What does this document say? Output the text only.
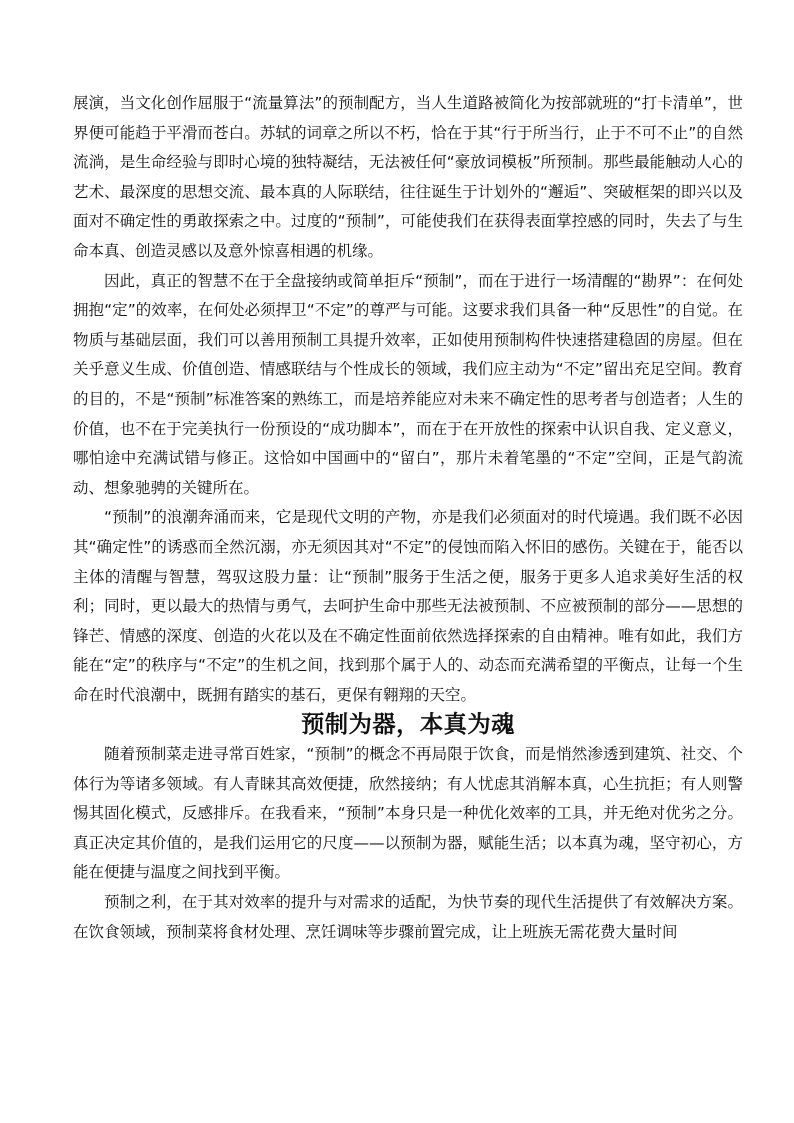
展演，当文化创作屈服于“流量算法”的预制配方，当人生道路被简化为按部就班的“打卡清单”，世界便可能趋于平滑而苍白。苏轼的词章之所以不朽，恰在于其“行于所当行，止于不可不止”的自然流淌，是生命经验与即时心境的独特凝结，无法被任何“豪放词模板”所预制。那些最能触动人心的艺术、最深度的思想交流、最本真的人际联结，往往诞生于计划外的“邂逅”、突破框架的即兴以及面对不确定性的勇敢探索之中。过度的“预制”，可能使我们在获得表面掌控感的同时，失去了与生命本真、创造灵感以及意外惊喜相遇的机缘。

因此，真正的智慧不在于全盘接纳或简单拒斥“预制”，而在于进行一场清醒的“勘界”：在何处拥抱“定”的效率，在何处必须捍卫“不定”的尊严与可能。这要求我们具备一种“反思性”的自觉。在物质与基础层面，我们可以善用预制工具提升效率，正如使用预制构件快速搭建稳固的房屋。但在关乎意义生成、价值创造、情感联结与个性成长的领域，我们应主动为“不定”留出充足空间。教育的目的，不是“预制”标准答案的熟练工，而是培养能应对未来不确定性的思考者与创造者；人生的价值，也不在于完美执行一份预设的“成功脚本”，而在于在开放性的探索中认识自我、定义意义，哪怕途中充满试错与修正。这恰如中国画中的“留白”，那片未着笔墨的“不定”空间，正是气韵流动、想象驰骋的关键所在。

“预制”的浪潮奔涌而来，它是现代文明的产物，亦是我们必须面对的时代境遇。我们既不必因其“确定性”的诱惑而全然沉溺，亦无须因其对“不定”的侵蚀而陷入怀旧的感伤。关键在于，能否以主体的清醒与智慧，驾驭这股力量：让“预制”服务于生活之便，服务于更多人追求美好生活的权利；同时，更以最大的热情与勇气，去呵护生命中那些无法被预制、不应被预制的部分——思想的锋芒、情感的深度、创造的火花以及在不确定性面前依然选择探索的自由精神。唯有如此，我们方能在“定”的秩序与“不定”的生机之间，找到那个属于人的、动态而充满希望的平衡点，让每一个生命在时代浪潮中，既拥有踏实的基石，更保有翱翔的天空。

预制为器，本真为魂

随着预制菜走进寻常百姓家，“预制”的概念不再局限于饮食，而是悄然渗透到建筑、社交、个体行为等诸多领域。有人青睐其高效便捷，欣然接纳；有人忧虑其消解本真，心生抗拒；有人则警惕其固化模式，反感排斥。在我看来，“预制”本身只是一种优化效率的工具，并无绝对优劣之分。真正决定其价值的，是我们运用它的尺度——以预制为器，赋能生活；以本真为魂，坚守初心，方能在便捷与温度之间找到平衡。

预制之利，在于其对效率的提升与对需求的适配，为快节奏的现代生活提供了有效解决方案。在饮食领域，预制菜将食材处理、烹饪调味等步骤前置完成，让上班族无需花费大量时间
